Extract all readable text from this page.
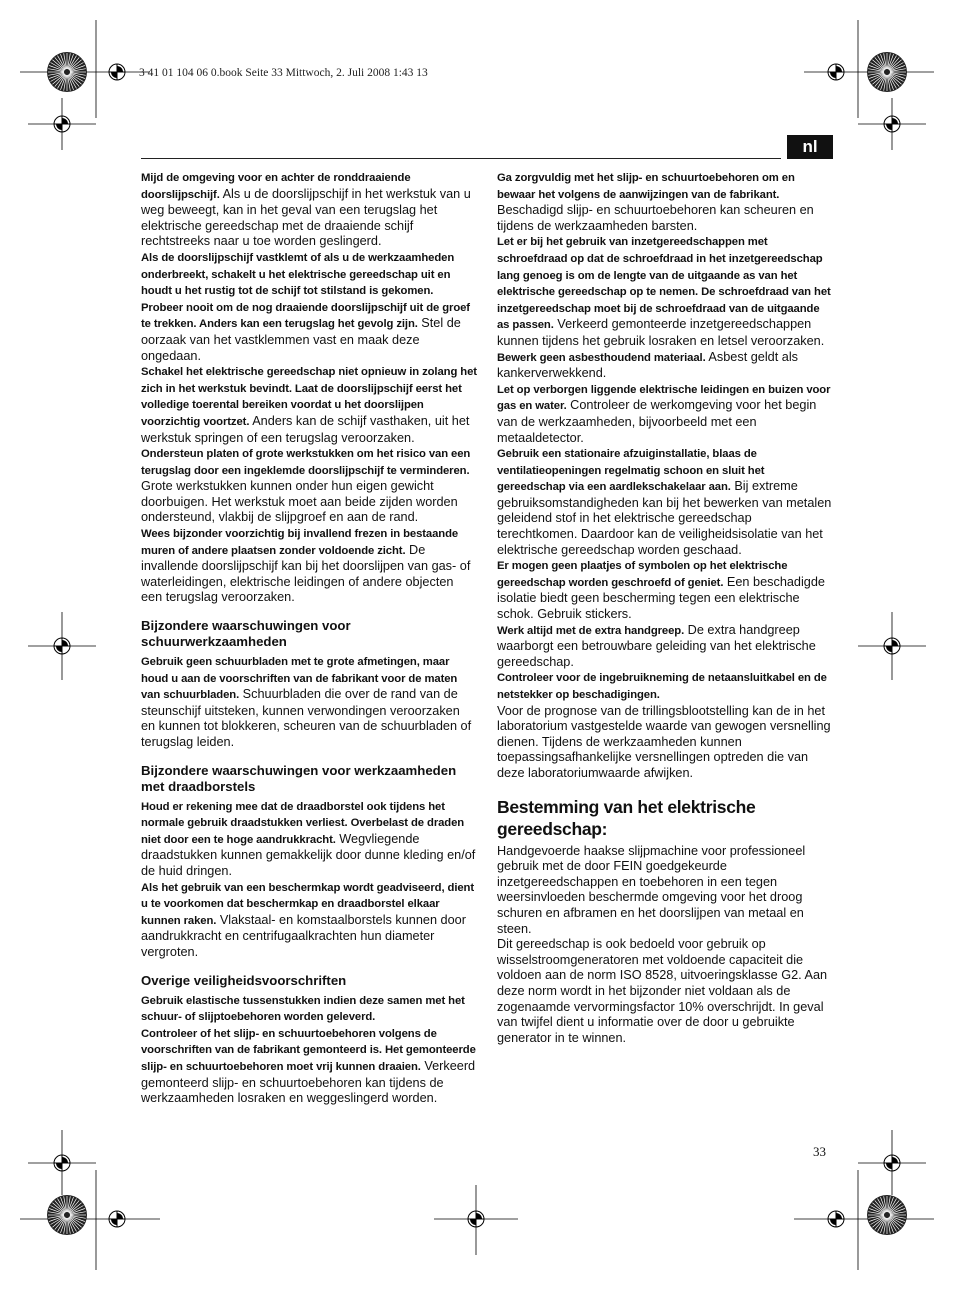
3 41 01 104 06 0.book Seite 33 Mittwoch, 2. Juli 2008 1:43 13
nl

Mijd de omgeving voor en achter de ronddraaiende doorslijpschijf. Als u de doorslijpschijf in het werkstuk van u weg beweegt, kan in het geval van een terugslag het elektrische gereedschap met de draaiende schijf rechtstreeks naar u toe worden geslingerd.

Als de doorslijpschijf vastklemt of als u de werkzaamheden onderbreekt, schakelt u het elektrische gereedschap uit en houdt u het rustig tot de schijf tot stilstand is gekomen. Probeer nooit om de nog draaiende doorslijpschijf uit de groef te trekken. Anders kan een terugslag het gevolg zijn. Stel de oorzaak van het vastklemmen vast en maak deze ongedaan.

Schakel het elektrische gereedschap niet opnieuw in zolang het zich in het werkstuk bevindt. Laat de doorslijpschijf eerst het volledige toerental bereiken voordat u het doorslijpen voorzichtig voortzet. Anders kan de schijf vasthaken, uit het werkstuk springen of een terugslag veroorzaken.

Ondersteun platen of grote werkstukken om het risico van een terugslag door een ingeklemde doorslijpschijf te verminderen. Grote werkstukken kunnen onder hun eigen gewicht doorbuigen. Het werkstuk moet aan beide zijden worden ondersteund, vlakbij de slijpgroef en aan de rand.

Wees bijzonder voorzichtig bij invallend frezen in bestaande muren of andere plaatsen zonder voldoende zicht. De invallende doorslijpschijf kan bij het doorslijpen van gas- of waterleidingen, elektrische leidingen of andere objecten een terugslag veroorzaken.

Bijzondere waarschuwingen voor schuurwerkzaamheden

Gebruik geen schuurbladen met te grote afmetingen, maar houd u aan de voorschriften van de fabrikant voor de maten van schuurbladen. Schuurbladen die over de rand van de steunschijf uitsteken, kunnen verwondingen veroorzaken en kunnen tot blokkeren, scheuren van de schuurbladen of terugslag leiden.

Bijzondere waarschuwingen voor werkzaamheden met draadborstels

Houd er rekening mee dat de draadborstel ook tijdens het normale gebruik draadstukken verliest. Overbelast de draden niet door een te hoge aandrukkracht. Wegvliegende draadstukken kunnen gemakkelijk door dunne kleding en/of de huid dringen.

Als het gebruik van een beschermkap wordt geadviseerd, dient u te voorkomen dat beschermkap en draadborstel elkaar kunnen raken. Vlakstaal- en komstaalborstels kunnen door aandrukkracht en centrifugaalkrachten hun diameter vergroten.

Overige veiligheidsvoorschriften

Gebruik elastische tussenstukken indien deze samen met het schuur- of slijptoebehoren worden geleverd.

Controleer of het slijp- en schuurtoebehoren volgens de voorschriften van de fabrikant gemonteerd is. Het gemonteerde slijp- en schuurtoebehoren moet vrij kunnen draaien. Verkeerd gemonteerd slijp- en schuurtoebehoren kan tijdens de werkzaamheden losraken en weggeslingerd worden.

Ga zorgvuldig met het slijp- en schuurtoebehoren om en bewaar het volgens de aanwijzingen van de fabrikant. Beschadigd slijp- en schuurtoebehoren kan scheuren en tijdens de werkzaamheden barsten.

Let er bij het gebruik van inzetgereedschappen met schroefdraad op dat de schroefdraad in het inzetgereedschap lang genoeg is om de lengte van de uitgaande as van het elektrische gereedschap op te nemen. De schroefdraad van het inzetgereedschap moet bij de schroefdraad van de uitgaande as passen. Verkeerd gemonteerde inzetgereedschappen kunnen tijdens het gebruik losraken en letsel veroorzaken.

Bewerk geen asbesthoudend materiaal. Asbest geldt als kankerverwekkend.

Let op verborgen liggende elektrische leidingen en buizen voor gas en water. Controleer de werkomgeving voor het begin van de werkzaamheden, bijvoorbeeld met een metaaldetector.

Gebruik een stationaire afzuiginstallatie, blaas de ventilatieopeningen regelmatig schoon en sluit het gereedschap via een aardlekschakelaar aan. Bij extreme gebruiksomstandigheden kan bij het bewerken van metalen geleidend stof in het elektrische gereedschap terechtkomen. Daardoor kan de veiligheidsisolatie van het elektrische gereedschap worden geschaad.

Er mogen geen plaatjes of symbolen op het elektrische gereedschap worden geschroefd of geniet. Een beschadigde isolatie biedt geen bescherming tegen een elektrische schok. Gebruik stickers.

Werk altijd met de extra handgreep. De extra handgreep waarborgt een betrouwbare geleiding van het elektrische gereedschap.

Controleer voor de ingebruikneming de netaansluitkabel en de netstekker op beschadigingen.

Voor de prognose van de trillingsblootstelling kan de in het laboratorium vastgestelde waarde van gewogen versnelling dienen. Tijdens de werkzaamheden kunnen toepassingsafhankelijke versnellingen optreden die van deze laboratoriumwaarde afwijken.

Bestemming van het elektrische gereedschap:

Handgevoerde haakse slijpmachine voor professioneel gebruik met de door FEIN goedgekeurde inzetgereedschappen en toebehoren in een tegen weersinvloeden beschermde omgeving voor het droog schuren en afbramen en het doorslijpen van metaal en steen.

Dit gereedschap is ook bedoeld voor gebruik op wisselstroomgeneratoren met voldoende capaciteit die voldoen aan de norm ISO 8528, uitvoeringsklasse G2. Aan deze norm wordt in het bijzonder niet voldaan als de zogenaamde vervormingsfactor 10% overschrijdt. In geval van twijfel dient u informatie over de door u gebruikte generator in te winnen.

33
